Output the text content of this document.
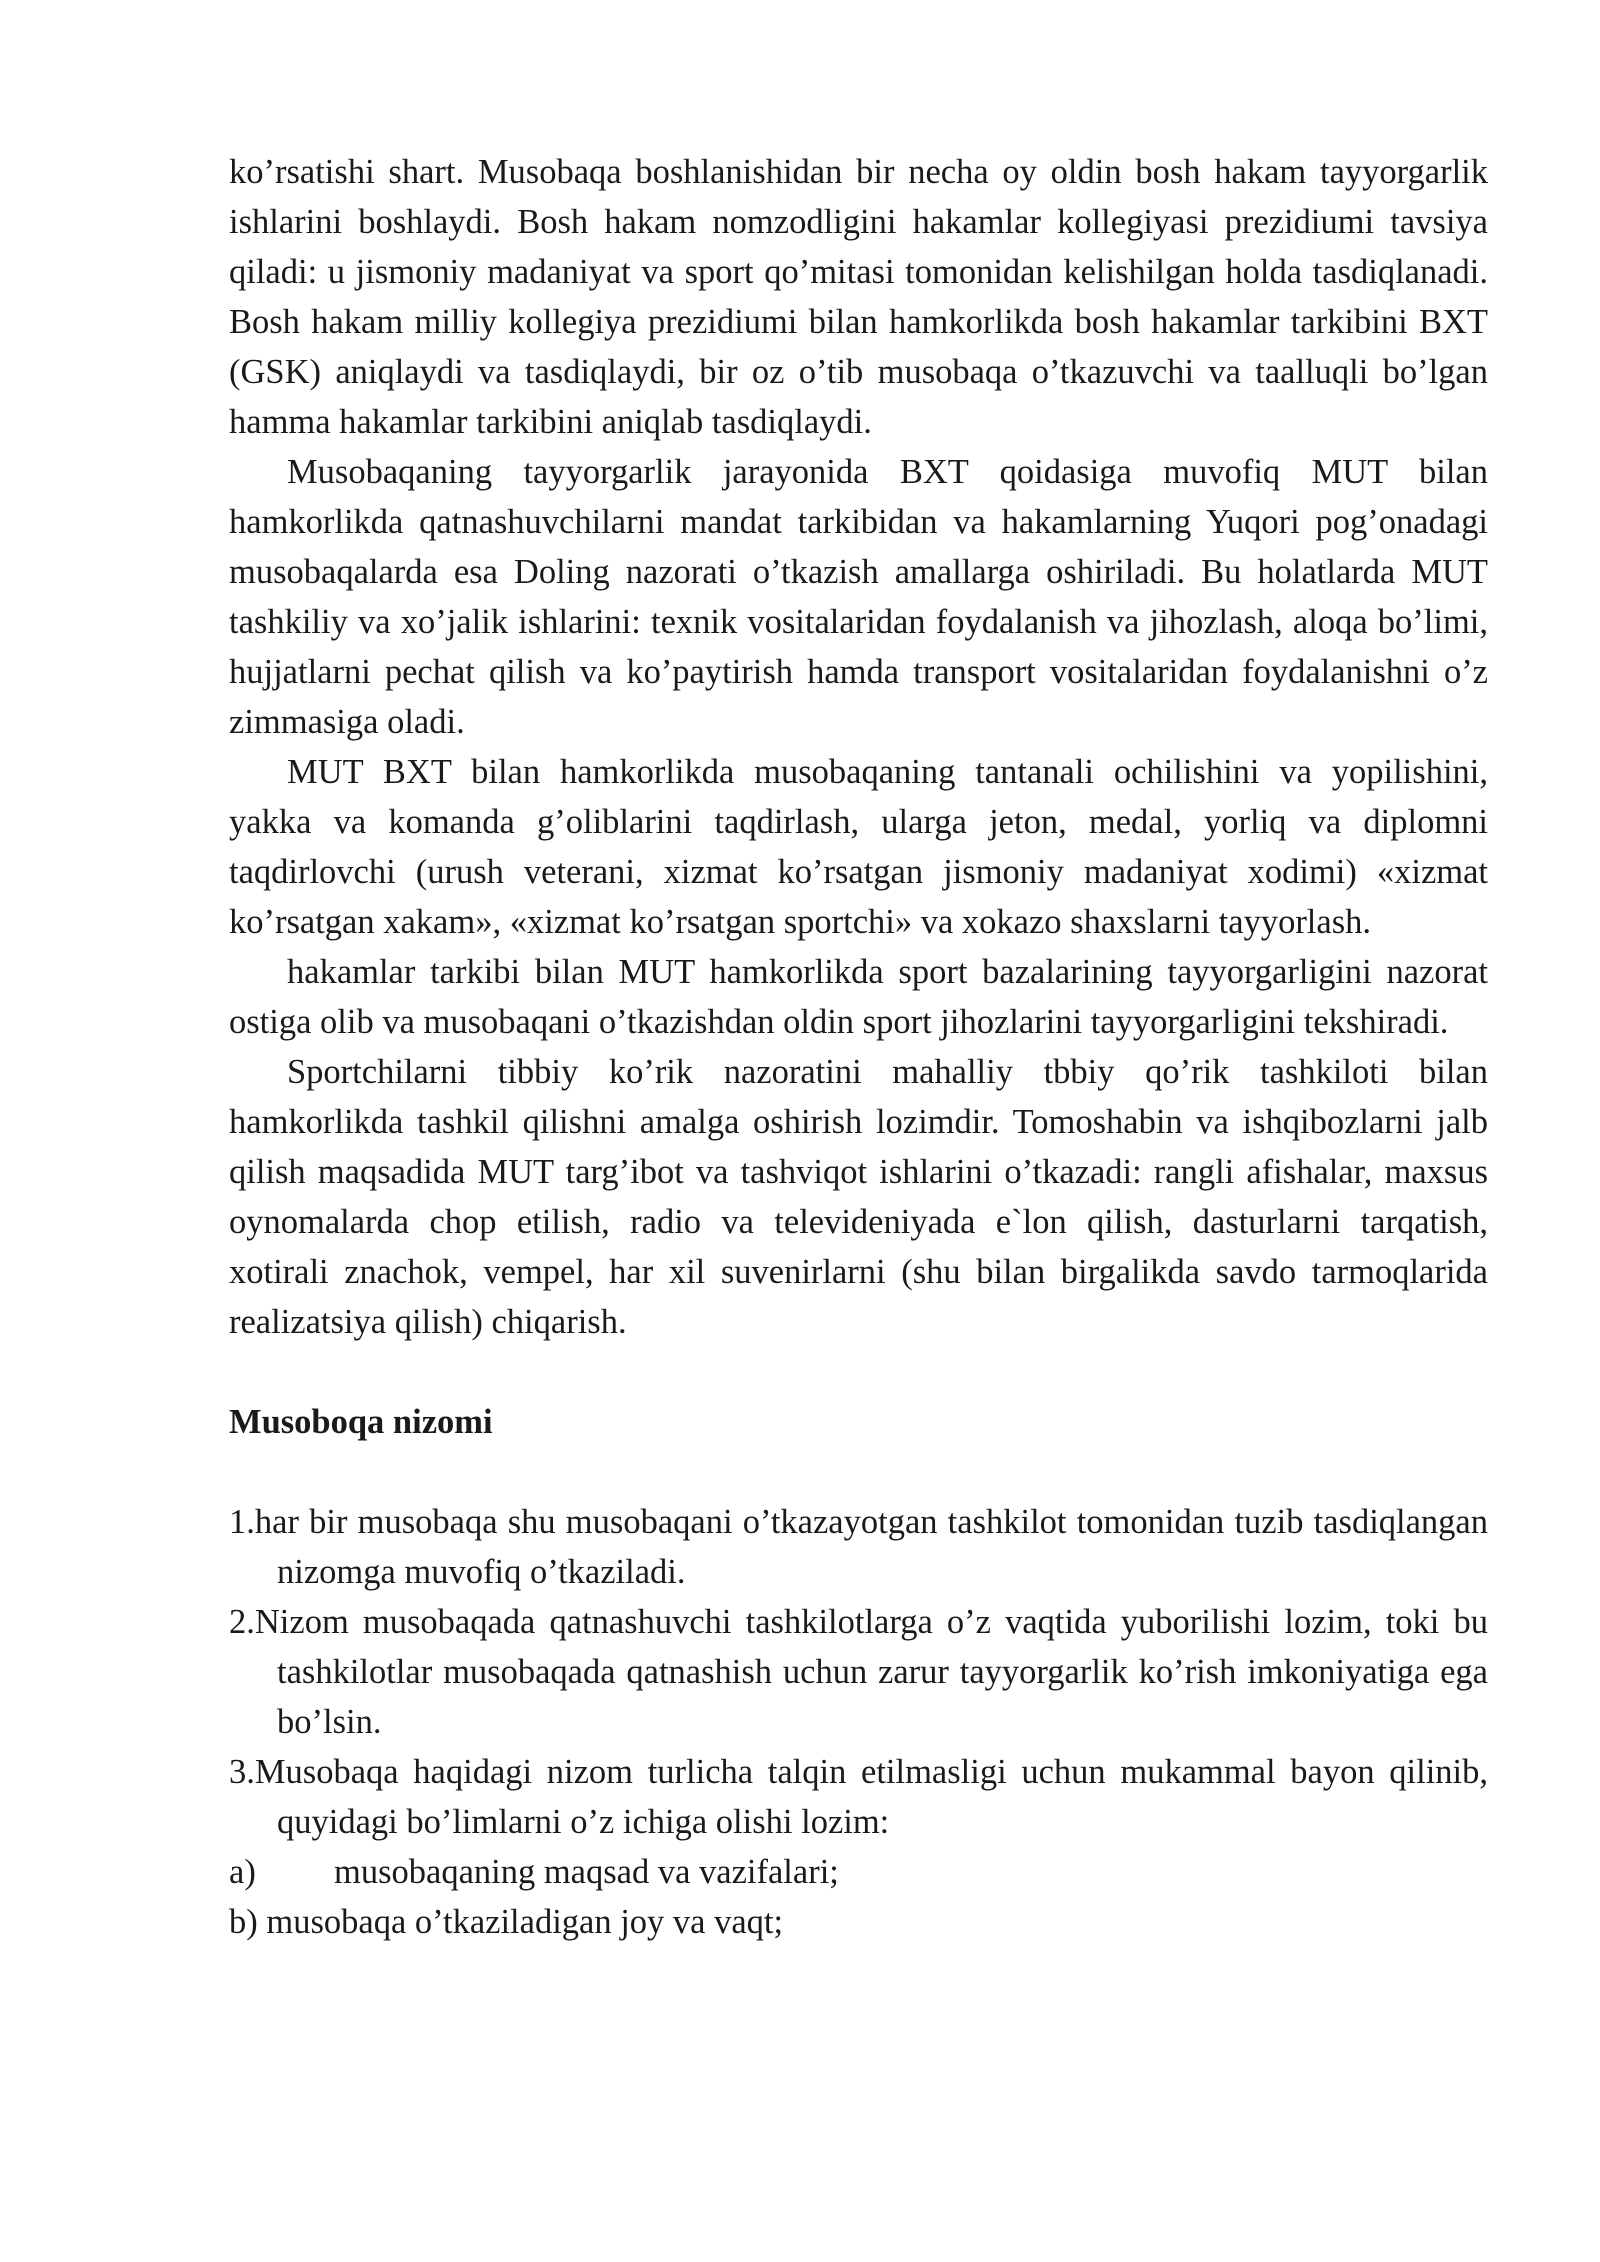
ko’rsatishi shart. Musobaqa boshlanishidan bir necha oy oldin bosh hakam tayyorgarlik ishlarini boshlaydi. Bosh hakam nomzodligini hakamlar kollegiyasi prezidiumi tavsiya qiladi: u jismoniy madaniyat va sport qo’mitasi tomonidan kelishilgan holda tasdiqlanadi. Bosh hakam milliy kollegiya prezidiumi bilan hamkorlikda bosh hakamlar tarkibini BXT (GSK) aniqlaydi va tasdiqlaydi, bir oz o’tib musobaqa o’tkazuvchi va taalluqli bo’lgan hamma hakamlar tarkibini aniqlab tasdiqlaydi.

Musobaqaning tayyorgarlik jarayonida BXT qoidasiga muvofiq MUT bilan hamkorlikda qatnashuvchilarni mandat tarkibidan va hakamlarning Yuqori pog’onadagi musobaqalarda esa Doling nazorati o’tkazish amallarga oshiriladi. Bu holatlarda MUT tashkiliy va xo’jalik ishlarini: texnik vositalaridan foydalanish va jihozlash, aloqa bo’limi, hujjatlarni pechat qilish va ko’paytirish hamda transport vositalaridan foydalanishni o’z zimmasiga oladi.

MUT BXT bilan hamkorlikda musobaqaning tantanali ochilishini va yopilishini, yakka va komanda g’oliblarini taqdirlash, ularga jeton, medal, yorliq va diplomni taqdirlovchi (urush veterani, xizmat ko’rsatgan jismoniy madaniyat xodimi) «xizmat ko’rsatgan xakam», «xizmat ko’rsatgan sportchi» va xokazo shaxslarni tayyorlash.

hakamlar tarkibi bilan MUT hamkorlikda sport bazalarining tayyorgarligini nazorat ostiga olib va musobaqani o’tkazishdan oldin sport jihozlarini tayyorgarligini tekshiradi.

Sportchilarni tibbiy ko’rik nazoratini mahalliy tbbiy qo’rik tashkiloti bilan hamkorlikda tashkil qilishni amalga oshirish lozimdir. Tomoshabin va ishqibozlarni jalb qilish maqsadida MUT targ’ibot va tashviqot ishlarini o’tkazadi: rangli afishalar, maxsus oynomalarda chop etilish, radio va televideniyada e`lon qilish, dasturlarni tarqatish, xotirali znachok, vempel, har xil suvenirlarni (shu bilan birgalikda savdo tarmoqlarida realizatsiya qilish) chiqarish.

Musoboqa nizomi

1.har bir musobaqa shu musobaqani o’tkazayotgan tashkilot tomonidan tuzib tasdiqlangan nizomga muvofiq o’tkaziladi.

2.Nizom musobaqada qatnashuvchi tashkilotlarga o’z vaqtida yuborilishi lozim, toki bu tashkilotlar musobaqada qatnashish uchun zarur tayyorgarlik ko’rish imkoniyatiga ega bo’lsin.

3.Musobaqa haqidagi nizom turlicha talqin etilmasligi uchun mukammal bayon qilinib, quyidagi bo’limlarni o’z ichiga olishi lozim:

a) musobaqaning maqsad va vazifalari;

b) musobaqa o’tkaziladigan joy va vaqt;
